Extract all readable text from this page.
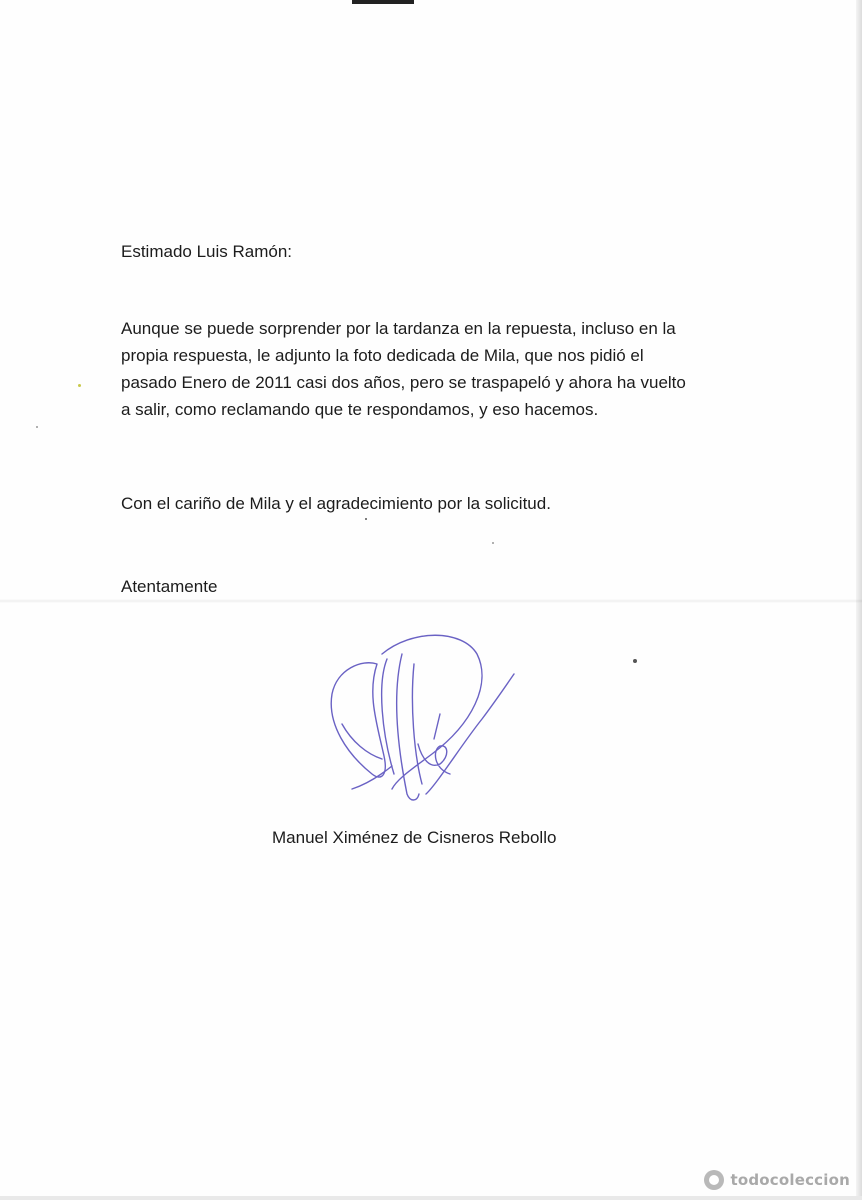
Estimado Luis Ramón:
Aunque se puede sorprender por la tardanza en la repuesta, incluso en la
propia respuesta, le adjunto la foto dedicada de Mila, que nos pidió el
pasado Enero de 2011 casi dos años, pero se traspapeló y ahora ha vuelto
a salir, como reclamando que te respondamos, y eso hacemos.
Con el cariño de Mila y el agradecimiento por la solicitud.
Atentamente
Manuel Ximénez de Cisneros Rebollo
todocoleccion
